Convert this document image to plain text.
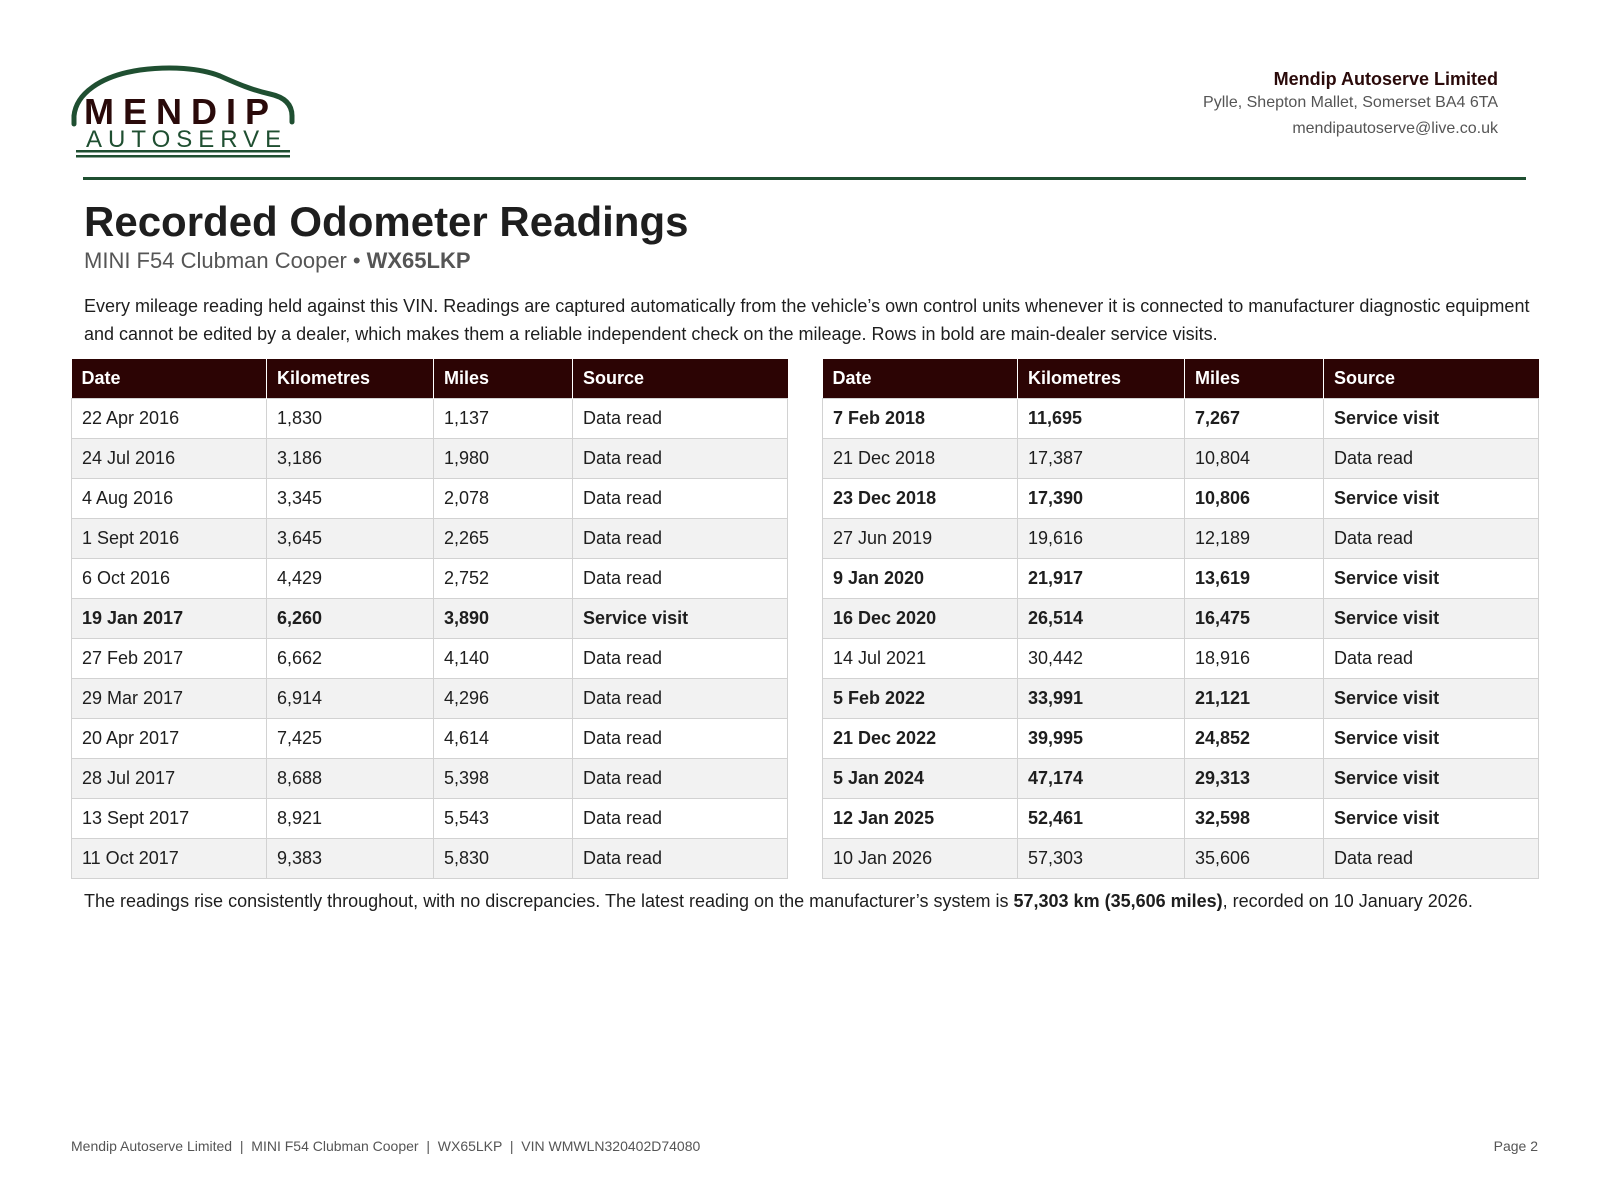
MENDIP
AUTOSERVE
Mendip Autoserve Limited
Pylle, Shepton Mallet, Somerset BA4 6TA
mendipautoserve@live.co.uk
Recorded Odometer Readings
MINI F54 Clubman Cooper • WX65LKP
Every mileage reading held against this VIN. Readings are captured automatically from the vehicle’s own control units whenever it is connected to manufacturer diagnostic equipment and cannot be edited by a dealer, which makes them a reliable independent check on the mileage. Rows in bold are main-dealer service visits.
Date	Kilometres	Miles	Source
22 Apr 2016	1,830	1,137	Data read
24 Jul 2016	3,186	1,980	Data read
4 Aug 2016	3,345	2,078	Data read
1 Sept 2016	3,645	2,265	Data read
6 Oct 2016	4,429	2,752	Data read
19 Jan 2017	6,260	3,890	Service visit
27 Feb 2017	6,662	4,140	Data read
29 Mar 2017	6,914	4,296	Data read
20 Apr 2017	7,425	4,614	Data read
28 Jul 2017	8,688	5,398	Data read
13 Sept 2017	8,921	5,543	Data read
11 Oct 2017	9,383	5,830	Data read
Date	Kilometres	Miles	Source
7 Feb 2018	11,695	7,267	Service visit
21 Dec 2018	17,387	10,804	Data read
23 Dec 2018	17,390	10,806	Service visit
27 Jun 2019	19,616	12,189	Data read
9 Jan 2020	21,917	13,619	Service visit
16 Dec 2020	26,514	16,475	Service visit
14 Jul 2021	30,442	18,916	Data read
5 Feb 2022	33,991	21,121	Service visit
21 Dec 2022	39,995	24,852	Service visit
5 Jan 2024	47,174	29,313	Service visit
12 Jan 2025	52,461	32,598	Service visit
10 Jan 2026	57,303	35,606	Data read
The readings rise consistently throughout, with no discrepancies. The latest reading on the manufacturer’s system is 57,303 km (35,606 miles), recorded on 10 January 2026.
Mendip Autoserve Limited  |  MINI F54 Clubman Cooper  |  WX65LKP  |  VIN WMWLN320402D74080	Page 2
